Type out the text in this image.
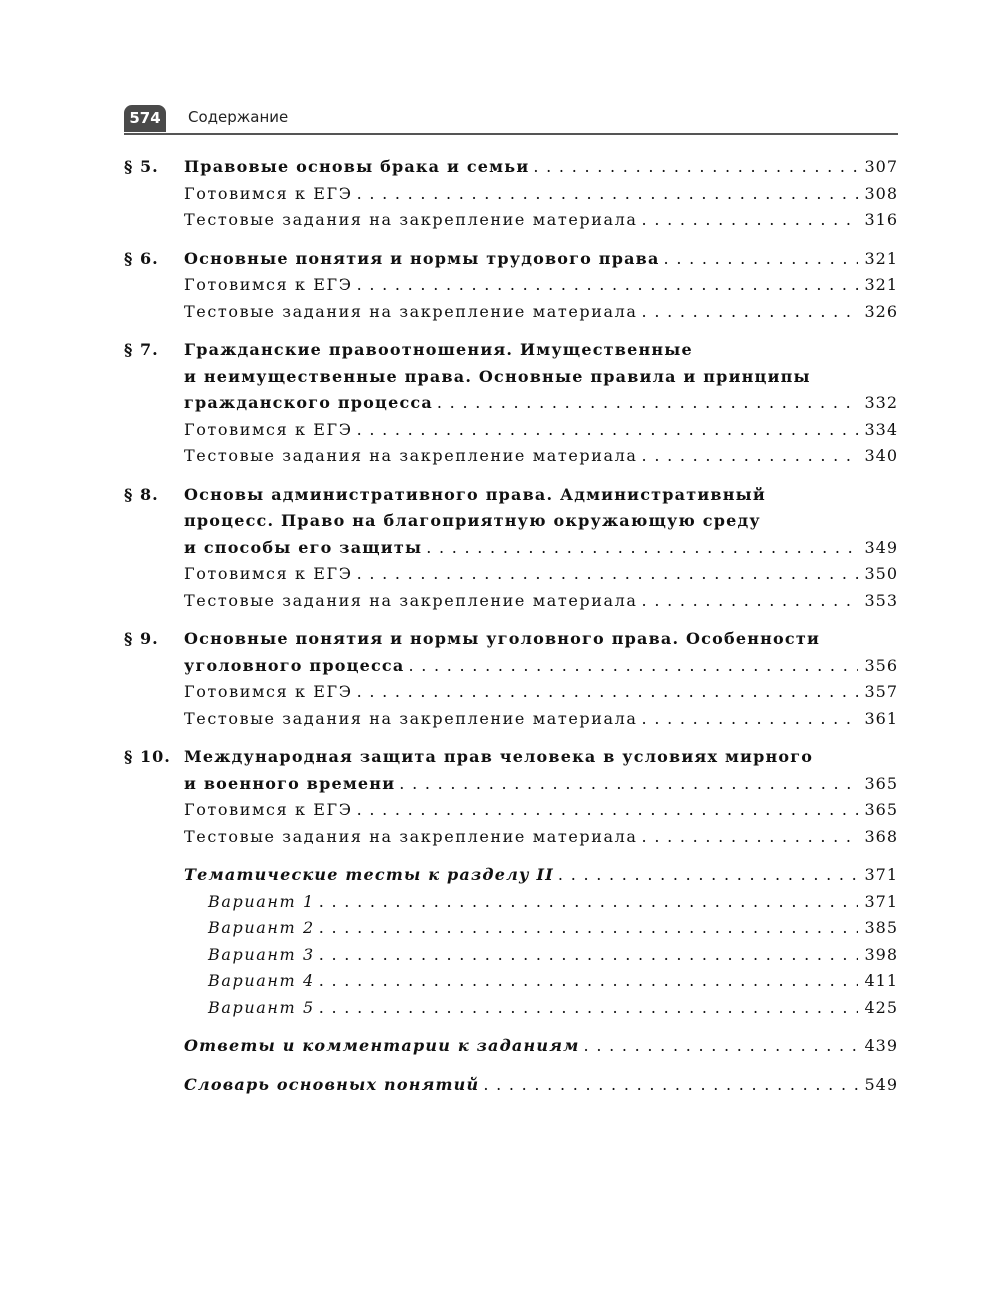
574	Содержание
§ 5. Правовые основы брака и семьи . . .	307
Готовимся к ЕГЭ . . .	308
Тестовые задания на закрепление материала . . .	316
§ 6. Основные понятия и нормы трудового права . . .	321
Готовимся к ЕГЭ . . .	321
Тестовые задания на закрепление материала . . .	326
§ 7. Гражданские правоотношения. Имущественные
и неимущественные права. Основные правила и принципы
гражданского процесса . . .	332
Готовимся к ЕГЭ . . .	334
Тестовые задания на закрепление материала . . .	340
§ 8. Основы административного права. Административный
процесс. Право на благоприятную окружающую среду
и способы его защиты . . .	349
Готовимся к ЕГЭ . . .	350
Тестовые задания на закрепление материала . . .	353
§ 9. Основные понятия и нормы уголовного права. Особенности
уголовного процесса . . .	356
Готовимся к ЕГЭ . . .	357
Тестовые задания на закрепление материала . . .	361
§ 10. Международная защита прав человека в условиях мирного
и военного времени . . .	365
Готовимся к ЕГЭ . . .	365
Тестовые задания на закрепление материала . . .	368
Тематические тесты к разделу II . . .	371
Вариант 1 . . .	371
Вариант 2 . . .	385
Вариант 3 . . .	398
Вариант 4 . . .	411
Вариант 5 . . .	425
Ответы и комментарии к заданиям . . .	439
Словарь основных понятий . . .	549
